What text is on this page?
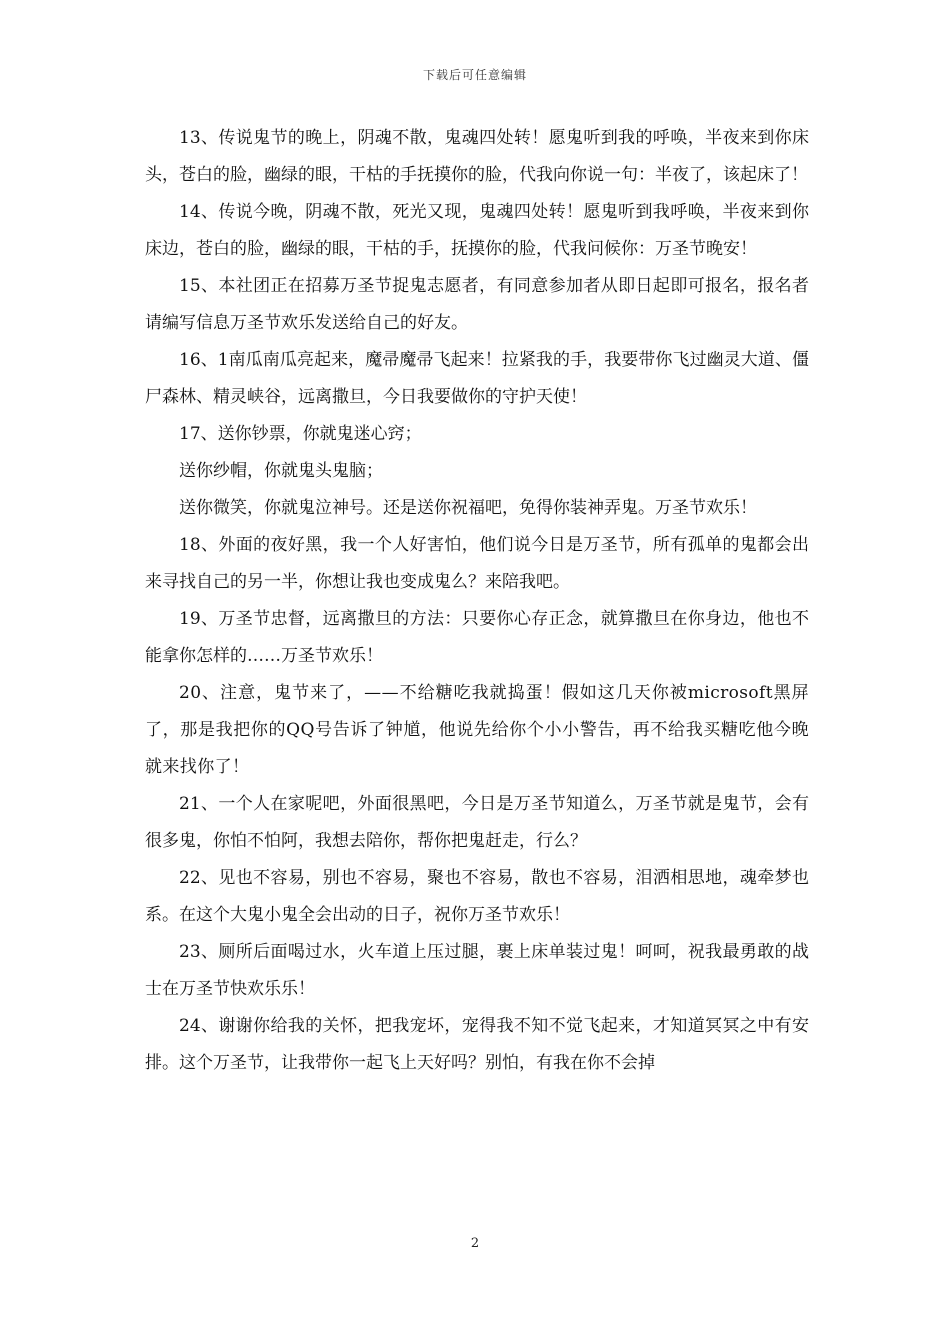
下载后可任意编辑

13、传说鬼节的晚上，阴魂不散，鬼魂四处转！愿鬼听到我的呼唤，半夜来到你床头，苍白的脸，幽绿的眼，干枯的手抚摸你的脸，代我向你说一句：半夜了，该起床了！

14、传说今晚，阴魂不散，死光又现，鬼魂四处转！愿鬼听到我呼唤，半夜来到你床边，苍白的脸，幽绿的眼，干枯的手，抚摸你的脸，代我问候你：万圣节晚安！

15、本社团正在招募万圣节捉鬼志愿者，有同意参加者从即日起即可报名，报名者请编写信息万圣节欢乐发送给自己的好友。

16、1南瓜南瓜亮起来，魔帚魔帚飞起来！拉紧我的手，我要带你飞过幽灵大道、僵尸森林、精灵峡谷，远离撒旦，今日我要做你的守护天使！

17、送你钞票，你就鬼迷心窍；

送你纱帽，你就鬼头鬼脑；

送你微笑，你就鬼泣神号。还是送你祝福吧，免得你装神弄鬼。万圣节欢乐！

18、外面的夜好黑，我一个人好害怕，他们说今日是万圣节，所有孤单的鬼都会出来寻找自己的另一半，你想让我也变成鬼么？来陪我吧。

19、万圣节忠督，远离撒旦的方法：只要你心存正念，就算撒旦在你身边，他也不能拿你怎样的……万圣节欢乐！

20、注意，鬼节来了，——不给糖吃我就捣蛋！假如这几天你被microsoft黑屏了，那是我把你的QQ号告诉了钟馗，他说先给你个小小警告，再不给我买糖吃他今晚就来找你了！

21、一个人在家呢吧，外面很黑吧，今日是万圣节知道么，万圣节就是鬼节，会有很多鬼，你怕不怕阿，我想去陪你，帮你把鬼赶走，行么？

22、见也不容易，别也不容易，聚也不容易，散也不容易，泪洒相思地，魂牵梦也系。在这个大鬼小鬼全会出动的日子，祝你万圣节欢乐！

23、厕所后面喝过水，火车道上压过腿，裹上床单装过鬼！呵呵，祝我最勇敢的战士在万圣节快欢乐乐！

24、谢谢你给我的关怀，把我宠坏，宠得我不知不觉飞起来，才知道冥冥之中有安排。这个万圣节，让我带你一起飞上天好吗？别怕，有我在你不会掉

2
